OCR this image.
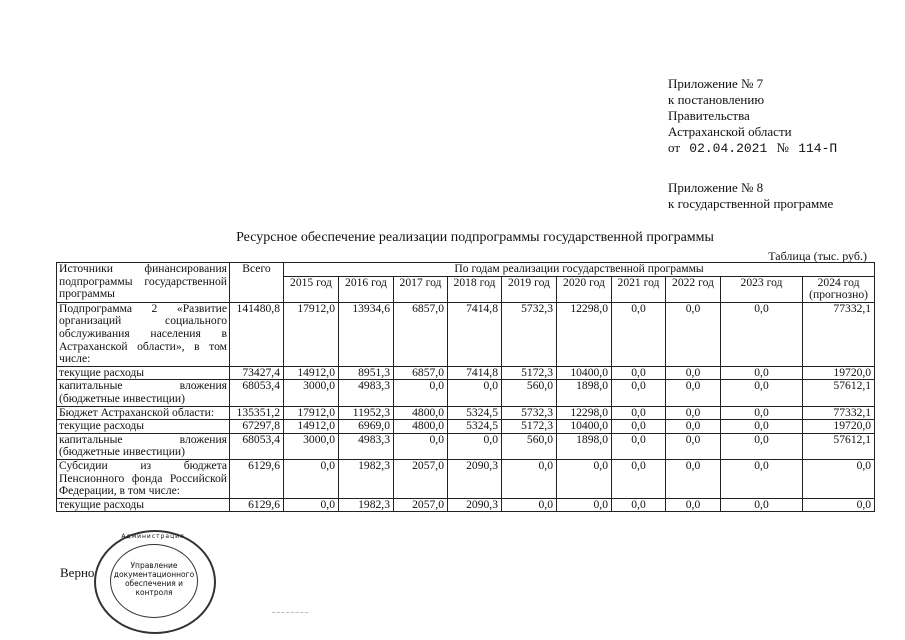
Приложение № 7
к постановлению
Правительства
Астраханской области
от 02.04.2021 № 114-П
Приложение № 8
к государственной программе
Ресурсное обеспечение реализации подпрограммы государственной программы
Таблица (тыс. руб.)
Источники финансирования подпрограммы государственной программы	Всего	По годам реализации государственной программы									
		2015 год	2016 год	2017 год	2018 год	2019 год	2020 год	2021 год	2022 год	2023 год	2024 год (прогнозно)
Подпрограмма 2 «Развитие организаций социального обслуживания населения в Астраханской области», в том числе:	141480,8	17912,0	13934,6	6857,0	7414,8	5732,3	12298,0	0,0	0,0	0,0	77332,1
текущие расходы	73427,4	14912,0	8951,3	6857,0	7414,8	5172,3	10400,0	0,0	0,0	0,0	19720,0
капитальные вложения (бюджетные инвестиции)	68053,4	3000,0	4983,3	0,0	0,0	560,0	1898,0	0,0	0,0	0,0	57612,1
Бюджет Астраханской области:	135351,2	17912,0	11952,3	4800,0	5324,5	5732,3	12298,0	0,0	0,0	0,0	77332,1
текущие расходы	67297,8	14912,0	6969,0	4800,0	5324,5	5172,3	10400,0	0,0	0,0	0,0	19720,0
капитальные вложения (бюджетные инвестиции)	68053,4	3000,0	4983,3	0,0	0,0	560,0	1898,0	0,0	0,0	0,0	57612,1
Субсидии из бюджета Пенсионного фонда Российской Федерации, в том числе:	6129,6	0,0	1982,3	2057,0	2090,3	0,0	0,0	0,0	0,0	0,0	0,0
текущие расходы	6129,6	0,0	1982,3	2057,0	2090,3	0,0	0,0	0,0	0,0	0,0	0,0
Верно
Администрация
Управление документационного обеспечения и контроля
